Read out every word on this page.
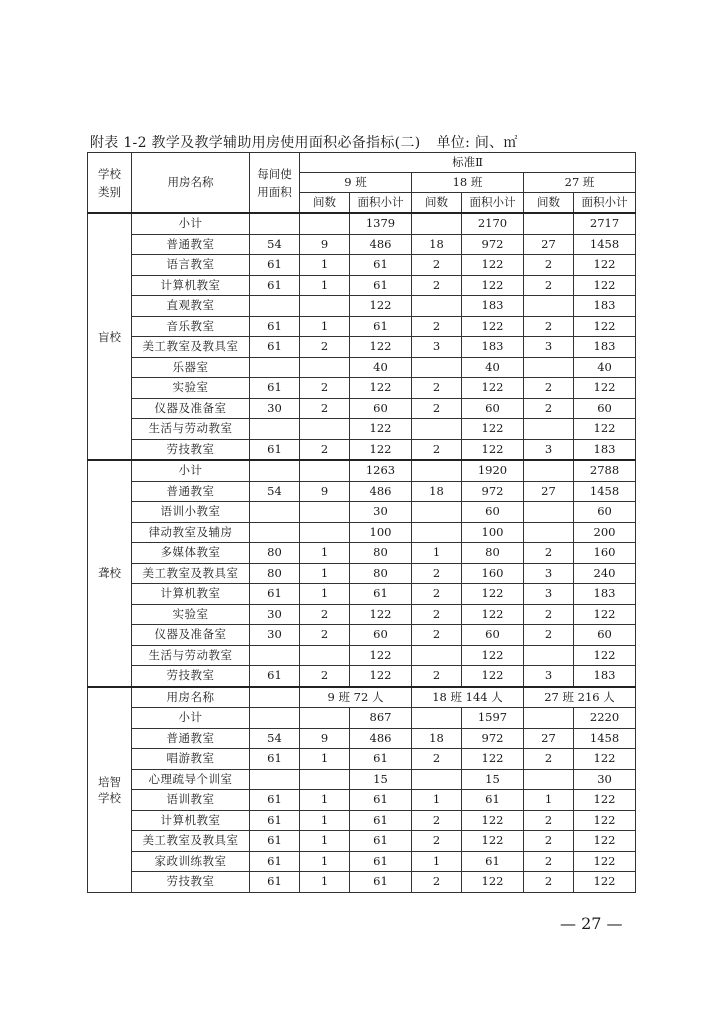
附表 1-2 教学及教学辅助用房使用面积必备指标(二) 单位: 间、㎡
学校
类别	用房名称	每间使
用面积	标准Ⅱ					
			9 班		18 班		27 班	
			间数	面积小计	间数	面积小计	间数	面积小计
盲校	小计			1379		2170		2717
	普通教室	54	9	486	18	972	27	1458
	语言教室	61	1	61	2	122	2	122
	计算机教室	61	1	61	2	122	2	122
	直观教室			122		183		183
	音乐教室	61	1	61	2	122	2	122
	美工教室及教具室	61	2	122	3	183	3	183
	乐器室			40		40		40
	实验室	61	2	122	2	122	2	122
	仪器及准备室	30	2	60	2	60	2	60
	生活与劳动教室			122		122		122
	劳技教室	61	2	122	2	122	3	183
聋校	小计			1263		1920		2788
	普通教室	54	9	486	18	972	27	1458
	语训小教室			30		60		60
	律动教室及辅房			100		100		200
	多媒体教室	80	1	80	1	80	2	160
	美工教室及教具室	80	1	80	2	160	3	240
	计算机教室	61	1	61	2	122	3	183
	实验室	30	2	122	2	122	2	122
	仪器及准备室	30	2	60	2	60	2	60
	生活与劳动教室			122		122		122
	劳技教室	61	2	122	2	122	3	183
培智
学校	用房名称		9 班 72 人		18 班 144 人		27 班 216 人	
	小计			867		1597		2220
	普通教室	54	9	486	18	972	27	1458
	唱游教室	61	1	61	2	122	2	122
	心理疏导个训室			15		15		30
	语训教室	61	1	61	1	61	1	122
	计算机教室	61	1	61	2	122	2	122
	美工教室及教具室	61	1	61	2	122	2	122
	家政训练教室	61	1	61	1	61	2	122
	劳技教室	61	1	61	2	122	2	122
— 27 —
